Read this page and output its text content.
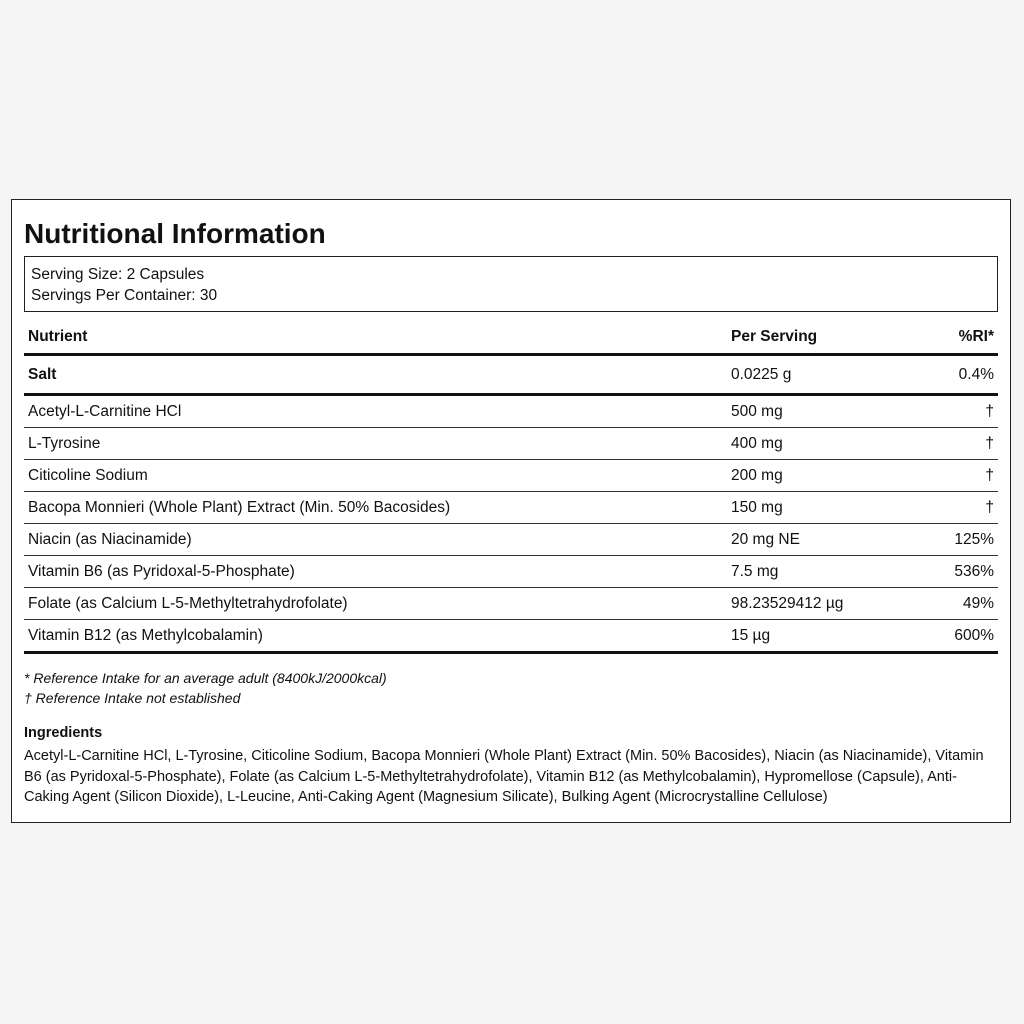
Nutritional Information
Serving Size: 2 Capsules
Servings Per Container: 30
Nutrient	Per Serving	%RI*
Salt	0.0225 g	0.4%
Acetyl-L-Carnitine HCl	500 mg	†
L-Tyrosine	400 mg	†
Citicoline Sodium	200 mg	†
Bacopa Monnieri (Whole Plant) Extract (Min. 50% Bacosides)	150 mg	†
Niacin (as Niacinamide)	20 mg NE	125%
Vitamin B6 (as Pyridoxal-5-Phosphate)	7.5 mg	536%
Folate (as Calcium L-5-Methyltetrahydrofolate)	98.23529412 µg	49%
Vitamin B12 (as Methylcobalamin)	15 µg	600%
* Reference Intake for an average adult (8400kJ/2000kcal)
† Reference Intake not established
Ingredients
Acetyl-L-Carnitine HCl, L-Tyrosine, Citicoline Sodium, Bacopa Monnieri (Whole Plant) Extract (Min. 50% Bacosides), Niacin (as Niacinamide), Vitamin B6 (as Pyridoxal-5-Phosphate), Folate (as Calcium L-5-Methyltetrahydrofolate), Vitamin B12 (as Methylcobalamin), Hypromellose (Capsule), Anti-Caking Agent (Silicon Dioxide), L-Leucine, Anti-Caking Agent (Magnesium Silicate), Bulking Agent (Microcrystalline Cellulose)
